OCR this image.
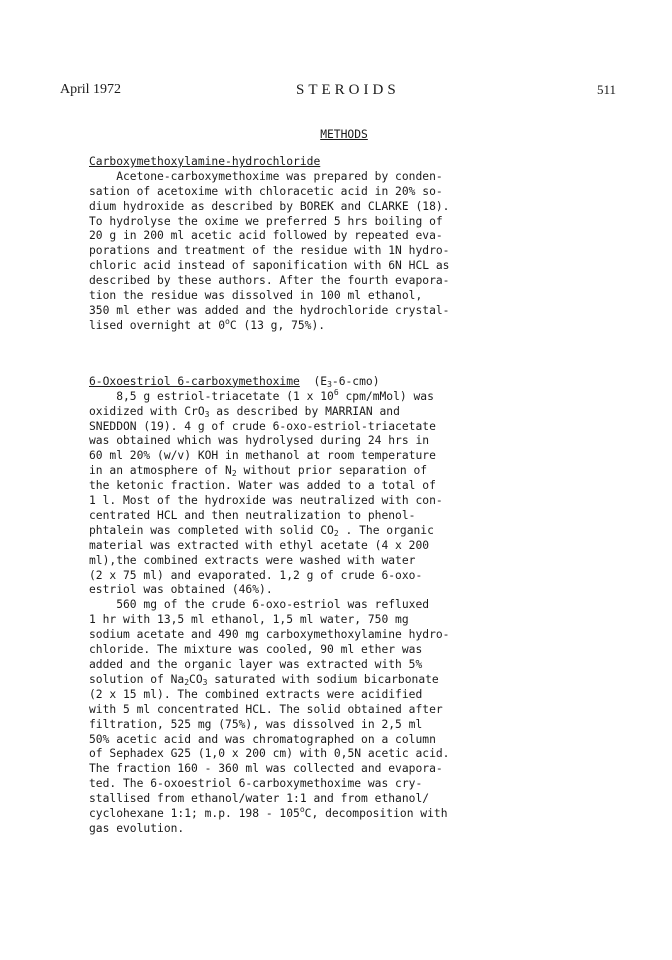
April 1972	STEROIDS	511
METHODS
Carboxymethoxylamine-hydrochloride
Acetone-carboxymethoxime was prepared by conden-
sation of acetoxime with chloracetic acid in 20% so-
dium hydroxide as described by BOREK and CLARKE (18).
To hydrolyse the oxime we preferred 5 hrs boiling of
20 g in 200 ml acetic acid followed by repeated eva-
porations and treatment of the residue with 1N hydro-
chloric acid instead of saponification with 6N HCL as
described by these authors. After the fourth evapora-
tion the residue was dissolved in 100 ml ethanol,
350 ml ether was added and the hydrochloride crystal-
lised overnight at 0$^o$C (13 g, 75%).
6-Oxoestriol 6-carboxymethoxime $(E_3-6-cmo)$
8,5 g estriol-triacetate (1 x $10^6$ cpm/mMol) was
oxidized with CrO$_3$ as described by MARRIAN and
SNEDDON (19). 4 g of crude 6-oxo-estriol-triacetate
was obtained which was hydrolysed during 24 hrs in
60 ml 20% (w/v) KOH in methanol at room temperature
in an atmosphere of $N_2$ without prior separation of
the ketonic fraction. Water was added to a total of
1 l. Most of the hydroxide was neutralized with con-
centrated HCL and then neutralization to phenol-
phtalein was completed with solid $CO_2$ . The organic
material was extracted with ethyl acetate (4 x 200
ml),the combined extracts were washed with water
(2 x 75 ml) and evaporated. 1,2 g of crude 6-oxo-
estriol was obtained (46%).
560 mg of the crude 6-oxo-estriol was refluxed
1 hr with 13,5 ml ethanol, 1,5 ml water, 750 mg
sodium acetate and 490 mg carboxymethoxylamine hydro-
chloride. The mixture was cooled, 90 ml ether was
added and the organic layer was extracted with 5%
solution of $Na_2CO_3$ saturated with sodium bicarbonate
(2 x 15 ml). The combined extracts were acidified
with 5 ml concentrated HCL. The solid obtained after
filtration, 525 mg (75%), was dissolved in 2,5 ml
50% acetic acid and was chromatographed on a column
of Sephadex G25 (1,0 x 200 cm) with 0,5N acetic acid.
The fraction 160 - 360 ml was collected and evapora-
ted. The 6-oxoestriol 6-carboxymethoxime was cry-
stallised from ethanol/water 1:1 and from ethanol/
cyclohexane 1:1; m.p. 198 - 105$^o$C, decomposition with
gas evolution.
